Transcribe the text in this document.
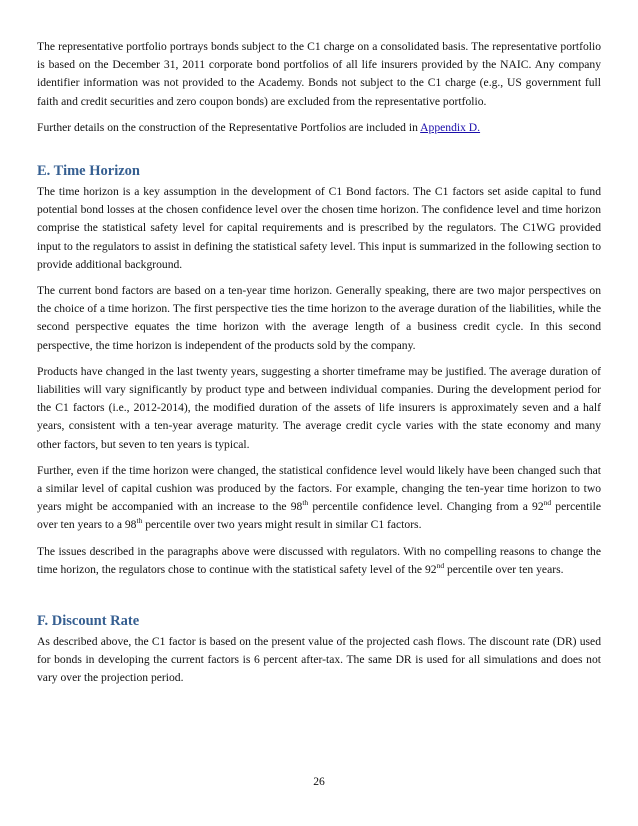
The representative portfolio portrays bonds subject to the C1 charge on a consolidated basis. The representative portfolio is based on the December 31, 2011 corporate bond portfolios of all life insurers provided by the NAIC. Any company identifier information was not provided to the Academy. Bonds not subject to the C1 charge (e.g., US government full faith and credit securities and zero coupon bonds) are excluded from the representative portfolio.

Further details on the construction of the Representative Portfolios are included in Appendix D.

E. Time Horizon

The time horizon is a key assumption in the development of C1 Bond factors. The C1 factors set aside capital to fund potential bond losses at the chosen confidence level over the chosen time horizon. The confidence level and time horizon comprise the statistical safety level for capital requirements and is prescribed by the regulators. The C1WG provided input to the regulators to assist in defining the statistical safety level. This input is summarized in the following section to provide additional background.

The current bond factors are based on a ten-year time horizon. Generally speaking, there are two major perspectives on the choice of a time horizon. The first perspective ties the time horizon to the average duration of the liabilities, while the second perspective equates the time horizon with the average length of a business credit cycle. In this second perspective, the time horizon is independent of the products sold by the company.

Products have changed in the last twenty years, suggesting a shorter timeframe may be justified. The average duration of liabilities will vary significantly by product type and between individual companies. During the development period for the C1 factors (i.e., 2012-2014), the modified duration of the assets of life insurers is approximately seven and a half years, consistent with a ten-year average maturity. The average credit cycle varies with the state economy and many other factors, but seven to ten years is typical.

Further, even if the time horizon were changed, the statistical confidence level would likely have been changed such that a similar level of capital cushion was produced by the factors. For example, changing the ten-year time horizon to two years might be accompanied with an increase to the 98th percentile confidence level. Changing from a 92nd percentile over ten years to a 98th percentile over two years might result in similar C1 factors.

The issues described in the paragraphs above were discussed with regulators. With no compelling reasons to change the time horizon, the regulators chose to continue with the statistical safety level of the 92nd percentile over ten years.

F. Discount Rate

As described above, the C1 factor is based on the present value of the projected cash flows. The discount rate (DR) used for bonds in developing the current factors is 6 percent after-tax. The same DR is used for all simulations and does not vary over the projection period.

26
